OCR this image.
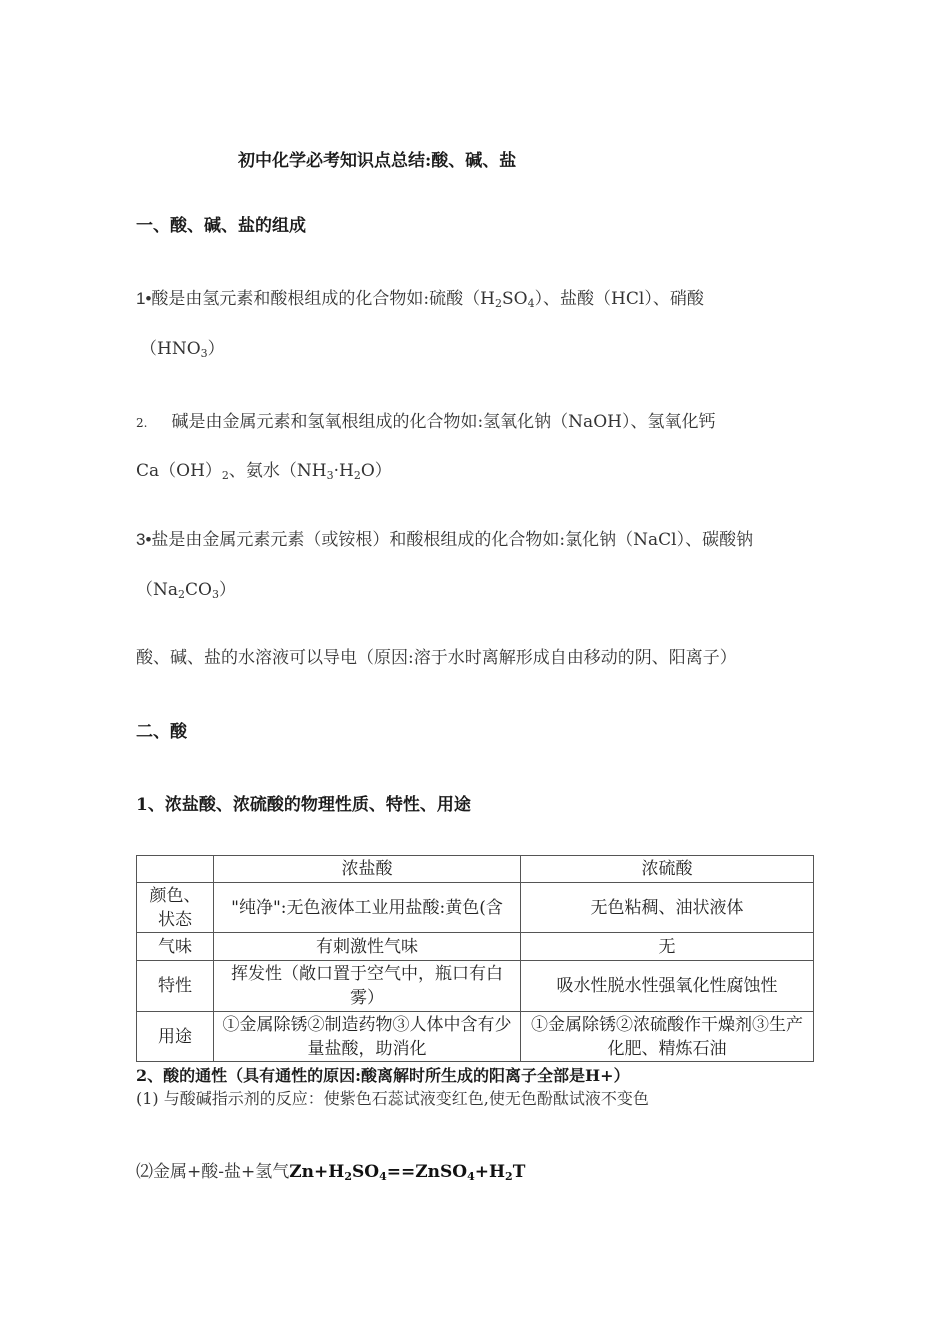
初中化学必考知识点总结:酸、碱、盐
一、酸、碱、盐的组成
1•酸是由氢元素和酸根组成的化合物如:硫酸$(H_2SO_4)$、盐酸（HCl）、硝酸
$(HNO_3)$
2. 碱是由金属元素和氢氧根组成的化合物如:氢氧化钠（NaOH）、氢氧化钙
$Ca(OH)_2$、氨水$(NH_3\cdot H_2O)$
3•盐是由金属元素元素（或铵根）和酸根组成的化合物如:氯化钠（NaCl）、碳酸钠
$(Na_2CO_3)$
酸、碱、盐的水溶液可以导电（原因:溶于水时离解形成自由移动的阴、阳离子）
二、酸
1、浓盐酸、浓硫酸的物理性质、特性、用途
	浓盐酸	浓硫酸
颜色、状态	"纯净":无色液体工业用盐酸:黄色(含	无色粘稠、油状液体
气味	有刺激性气味	无
特性	挥发性（敞口置于空气中，瓶口有白雾）	吸水性脱水性强氧化性腐蚀性
用途	①金属除锈②制造药物③人体中含有少量盐酸，助消化	①金属除锈②浓硫酸作干燥剂③生产化肥、精炼石油
2、酸的通性（具有通性的原因:酸离解时所生成的阳离子全部是H+）
(1) 与酸碱指示剂的反应：使紫色石蕊试液变红色,使无色酚酞试液不变色
⑵金属+酸-盐+氢气$Zn+H_2SO_4==ZnSO_4+H_2T$
